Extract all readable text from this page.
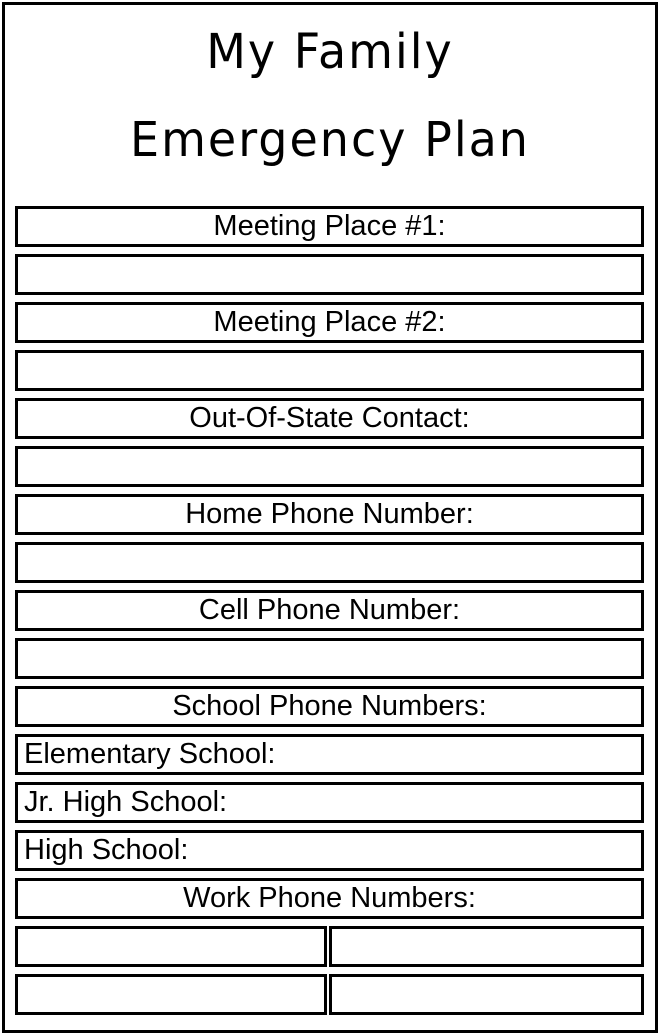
My Family
Emergency Plan
Meeting Place #1:
Meeting Place #2:
Out-Of-State Contact:
Home Phone Number:
Cell Phone Number:
School Phone Numbers:
Elementary School:
Jr. High School:
High School:
Work Phone Numbers:
